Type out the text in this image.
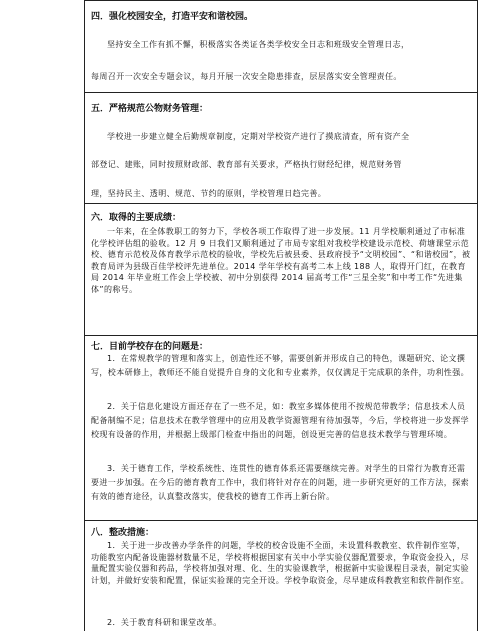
四．强化校园安全，打造平安和谐校园。
坚持安全工作有抓不懈，积极落实各类证各类学校安全日志和班级安全管理日志，
每周召开一次安全专题会议，每月开展一次安全隐患排查，层层落实安全管理责任。
五．严格规范公物财务管理：
学校进一步建立健全后勤规章制度，定期对学校资产进行了摸底清查，所有资产全
部登记、建账，同时按照财政部、教育部有关要求，严格执行财经纪律，规范财务管
理，坚持民主、透明、规范、节约的原则，学校管理日趋完善。
六．取得的主要成绩：
一年来，在全体教职工的努力下，学校各项工作取得了进一步发展。11 月学校顺利通过了市标准化学校评估组的验收。12 月 9 日我们又顺利通过了市局专家组对我校学校建设示范校、荷塘课堂示范校、德育示范校及体育教学示范校的验收，学校先后被县委、县政府授予“文明校园”、“和谐校园”，被教育局评为县级百佳学校评先进单位。2014 学年学校有高考二本上线 188 人，取得开门红，在教育局 2014 年毕业班工作会上学校被、初中分别获得 2014 届高考工作“三星全奖”和中考工作“先进集体”的称号。
七．目前学校存在的问题是：
1．在常规教学的管理和落实上，创造性还不够，需要创新并形成自己的特色，课题研究、论文撰写，校本研修上，教师还不能自觉提升自身的文化和专业素养，仅仅满足于完成职的条件，功利性强。
2．关于信息化建设方面还存在了一些不足，如：教室多媒体使用不按规范带教学；信息技术人员配备制编不足；信息技术在教学管理中的应用及教学资源管理有待加强等，今后，学校将进一步发挥学校现有设备的作用，并根据上级部门检查中指出的问题，创设更完善的信息技术教学与管理环境。
3．关于德育工作，学校系统性、连贯性的德育体系还需要继续完善。对学生的日常行为教育还需要进一步加强。在今后的德育教育工作中，我们将针对存在的问题，进一步研究更好的工作方法，探索有效的德育途径，认真整改落实，使我校的德育工作再上新台阶。
八．整改措施：
1．关于进一步改善办学条件的问题，学校的校舍设施不全面，未设置科教教室、软件制作室等，功能教室内配备设施器材数量不足，学校将根据国家有关中小学实验仪器配置要求，争取资金投入，尽量配置实验仪器和药品，学校将加强对理、化、生的实验课教学，根据新中实验课程目录表，制定实验计划，并做好安装和配置，保证实验课的完全开设。学校争取资金，尽早建成科教教室和软件制作室。
2．关于教育科研和课堂改革。
